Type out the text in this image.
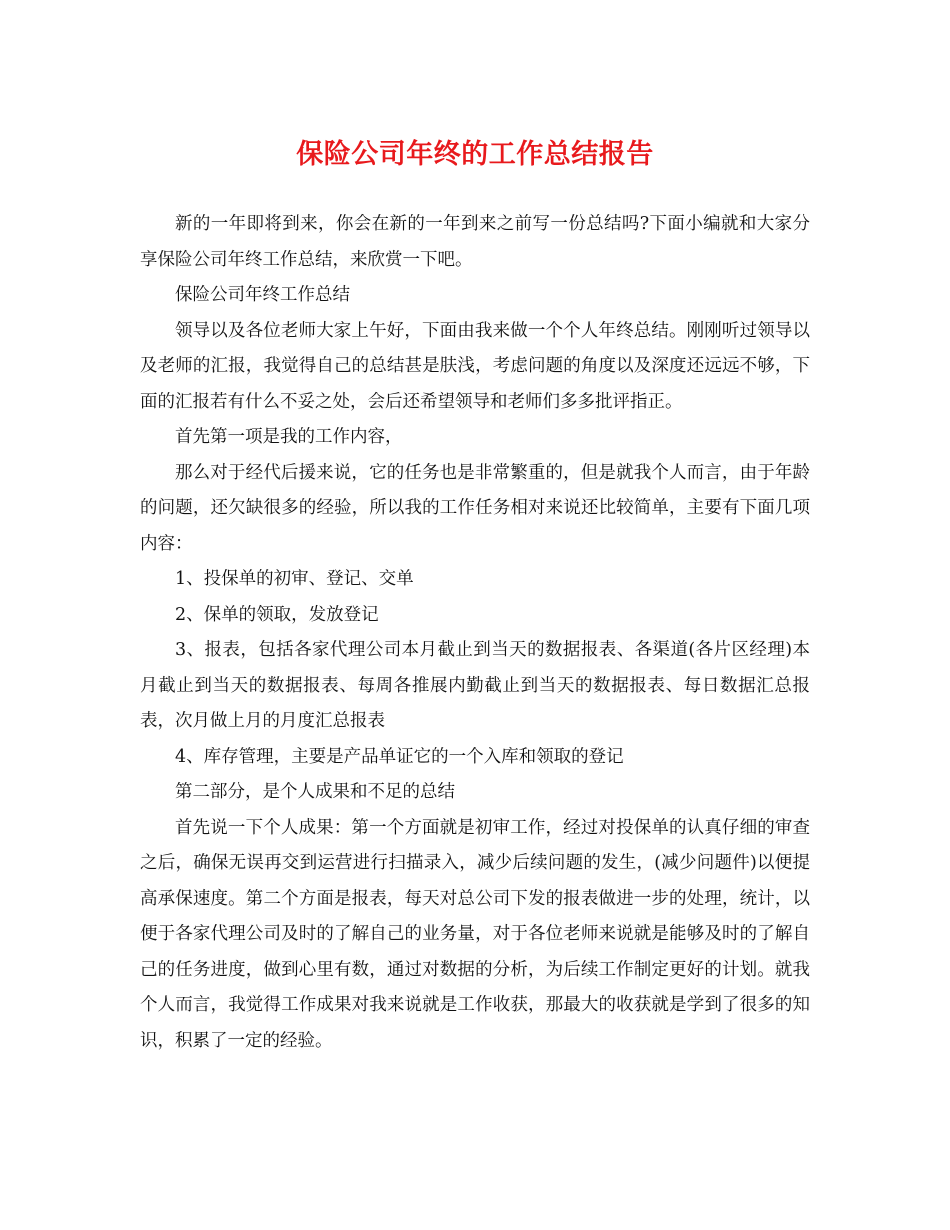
保险公司年终的工作总结报告

新的一年即将到来，你会在新的一年到来之前写一份总结吗?下面小编就和大家分享保险公司年终工作总结，来欣赏一下吧。

保险公司年终工作总结

领导以及各位老师大家上午好，下面由我来做一个个人年终总结。刚刚听过领导以及老师的汇报，我觉得自己的总结甚是肤浅，考虑问题的角度以及深度还远远不够，下面的汇报若有什么不妥之处，会后还希望领导和老师们多多批评指正。

首先第一项是我的工作内容，

那么对于经代后援来说，它的任务也是非常繁重的，但是就我个人而言，由于年龄的问题，还欠缺很多的经验，所以我的工作任务相对来说还比较简单，主要有下面几项内容：

1、投保单的初审、登记、交单

2、保单的领取，发放登记

3、报表，包括各家代理公司本月截止到当天的数据报表、各渠道(各片区经理)本月截止到当天的数据报表、每周各推展内勤截止到当天的数据报表、每日数据汇总报表，次月做上月的月度汇总报表

4、库存管理，主要是产品单证它的一个入库和领取的登记

第二部分，是个人成果和不足的总结

首先说一下个人成果：第一个方面就是初审工作，经过对投保单的认真仔细的审查之后，确保无误再交到运营进行扫描录入，减少后续问题的发生，(减少问题件)以便提高承保速度。第二个方面是报表，每天对总公司下发的报表做进一步的处理，统计，以便于各家代理公司及时的了解自己的业务量，对于各位老师来说就是能够及时的了解自己的任务进度，做到心里有数，通过对数据的分析，为后续工作制定更好的计划。就我个人而言，我觉得工作成果对我来说就是工作收获，那最大的收获就是学到了很多的知识，积累了一定的经验。
